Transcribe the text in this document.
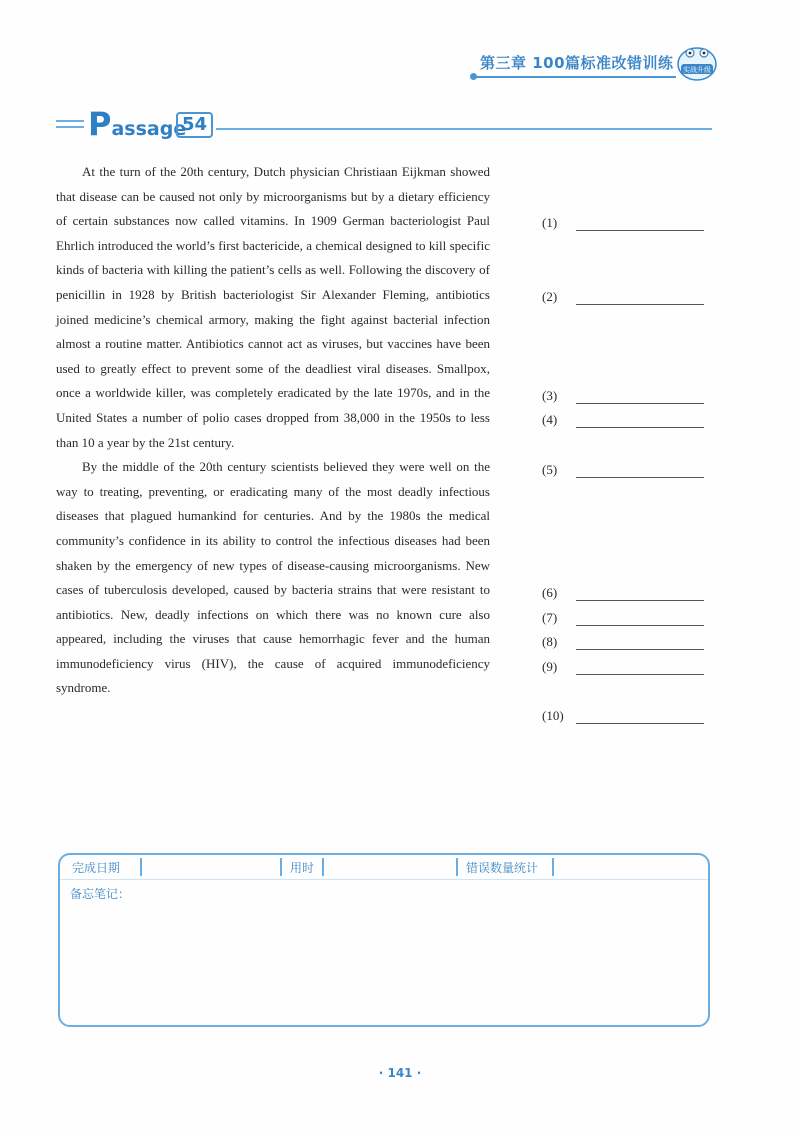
第三章 100篇标准改错训练 实战升级
Passage
54

At the turn of the 20th century, Dutch physician Christiaan Eijkman showed that disease can be caused not only by microorganisms but by a dietary efficiency of certain substances now called vitamins. In 1909 German bacteriologist Paul Ehrlich introduced the world’s first bactericide, a chemical designed to kill specific kinds of bacteria with killing the patient’s cells as well. Following the discovery of penicillin in 1928 by British bacteriologist Sir Alexander Fleming, antibiotics joined medicine’s chemical armory, making the fight against bacterial infection almost a routine matter. Antibiotics cannot act as viruses, but vaccines have been used to greatly effect to prevent some of the deadliest viral diseases. Smallpox, once a worldwide killer, was completely eradicated by the late 1970s, and in the United States a number of polio cases dropped from 38,000 in the 1950s to less than 10 a year by the 21st century.

By the middle of the 20th century scientists believed they were well on the way to treating, preventing, or eradicating many of the most deadly infectious diseases that plagued humankind for centuries. And by the 1980s the medical community’s confidence in its ability to control the infectious diseases had been shaken by the emergency of new types of disease-causing microorganisms. New cases of tuberculosis developed, caused by bacteria strains that were resistant to antibiotics. New, deadly infections on which there was no known cure also appeared, including the viruses that cause hemorrhagic fever and the human immunodeficiency virus (HIV), the cause of acquired immunodeficiency syndrome.

(1)
(2)
(3)
(4)
(5)
(6)
(7)
(8)
(9)
(10)
完成日期	用时	错误数量统计
备忘笔记：
· 141 ·
